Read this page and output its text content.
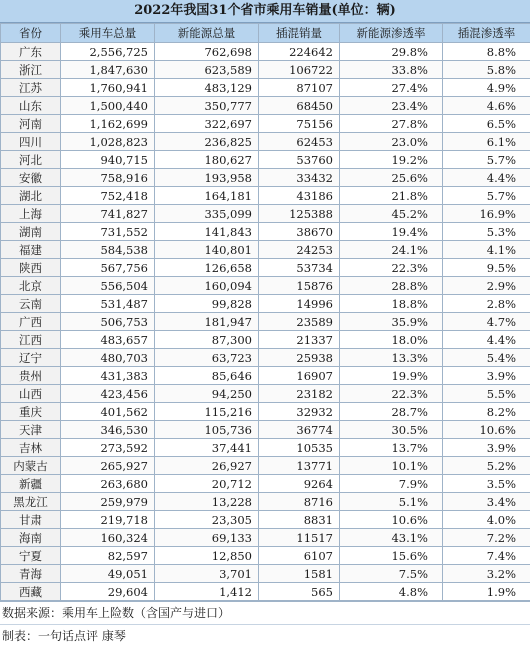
2022年我国31个省市乘用车销量(单位：辆)
省份	乘用车总量	新能源总量	插混销量	新能源渗透率	插混渗透率
广东	2,556,725	762,698	224642	29.8%	8.8%
浙江	1,847,630	623,589	106722	33.8%	5.8%
江苏	1,760,941	483,129	87107	27.4%	4.9%
山东	1,500,440	350,777	68450	23.4%	4.6%
河南	1,162,699	322,697	75156	27.8%	6.5%
四川	1,028,823	236,825	62453	23.0%	6.1%
河北	940,715	180,627	53760	19.2%	5.7%
安徽	758,916	193,958	33432	25.6%	4.4%
湖北	752,418	164,181	43186	21.8%	5.7%
上海	741,827	335,099	125388	45.2%	16.9%
湖南	731,552	141,843	38670	19.4%	5.3%
福建	584,538	140,801	24253	24.1%	4.1%
陕西	567,756	126,658	53734	22.3%	9.5%
北京	556,504	160,094	15876	28.8%	2.9%
云南	531,487	99,828	14996	18.8%	2.8%
广西	506,753	181,947	23589	35.9%	4.7%
江西	483,657	87,300	21337	18.0%	4.4%
辽宁	480,703	63,723	25938	13.3%	5.4%
贵州	431,383	85,646	16907	19.9%	3.9%
山西	423,456	94,250	23182	22.3%	5.5%
重庆	401,562	115,216	32932	28.7%	8.2%
天津	346,530	105,736	36774	30.5%	10.6%
吉林	273,592	37,441	10535	13.7%	3.9%
内蒙古	265,927	26,927	13771	10.1%	5.2%
新疆	263,680	20,712	9264	7.9%	3.5%
黑龙江	259,979	13,228	8716	5.1%	3.4%
甘肃	219,718	23,305	8831	10.6%	4.0%
海南	160,324	69,133	11517	43.1%	7.2%
宁夏	82,597	12,850	6107	15.6%	7.4%
青海	49,051	3,701	1581	7.5%	3.2%
西藏	29,604	1,412	565	4.8%	1.9%
数据来源：乘用车上险数（含国产与进口）
制表：一句话点评 康琴
